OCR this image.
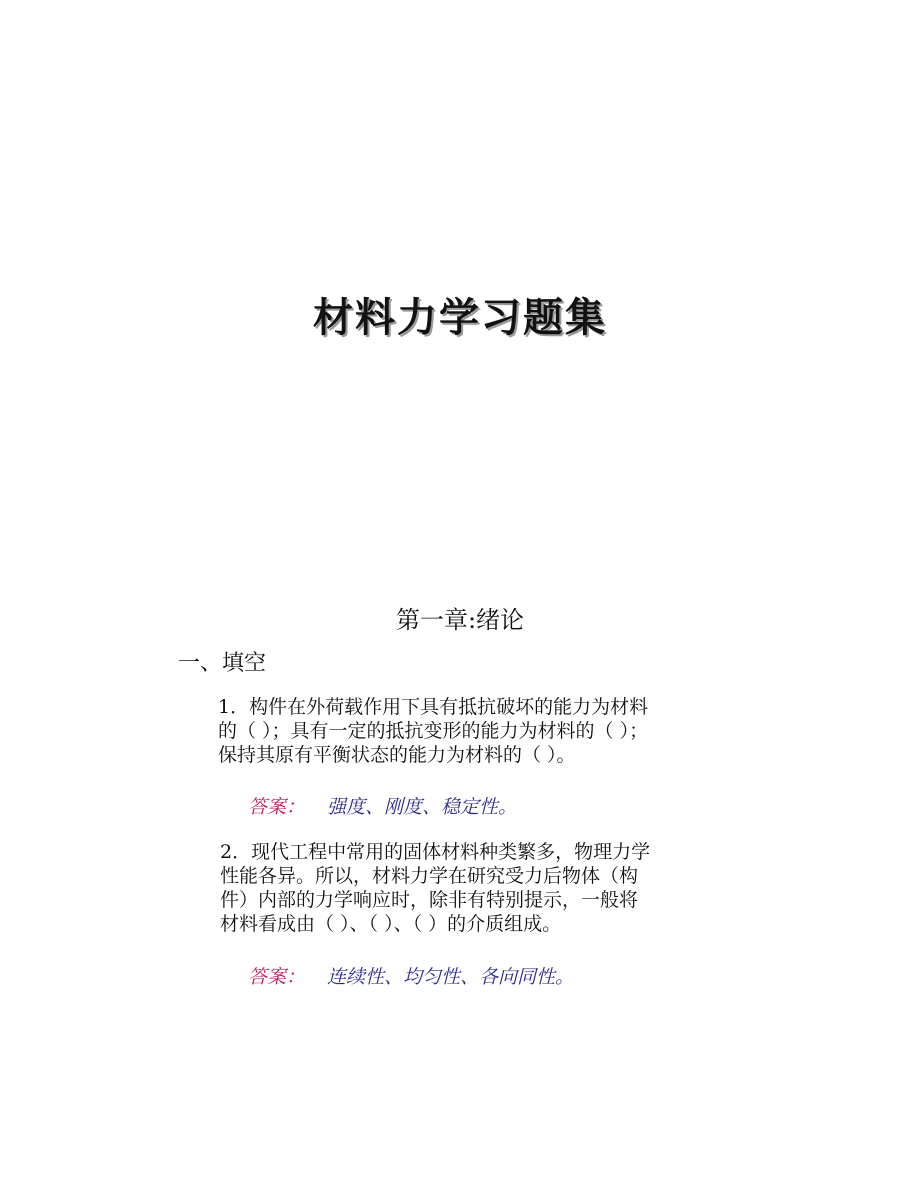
材料力学习题集
第一章:绪论
一、填空
1．构件在外荷载作用下具有抵抗破坏的能力为材料
的（ ）；具有一定的抵抗变形的能力为材料的（ ）；
保持其原有平衡状态的能力为材料的（ ）。
答案： 强度、刚度、稳定性。
2．现代工程中常用的固体材料种类繁多，物理力学
性能各异。所以，材料力学在研究受力后物体（构
件）内部的力学响应时，除非有特别提示，一般将
材料看成由（ ）、（ ）、（ ）的介质组成。
答案： 连续性、均匀性、各向同性。
